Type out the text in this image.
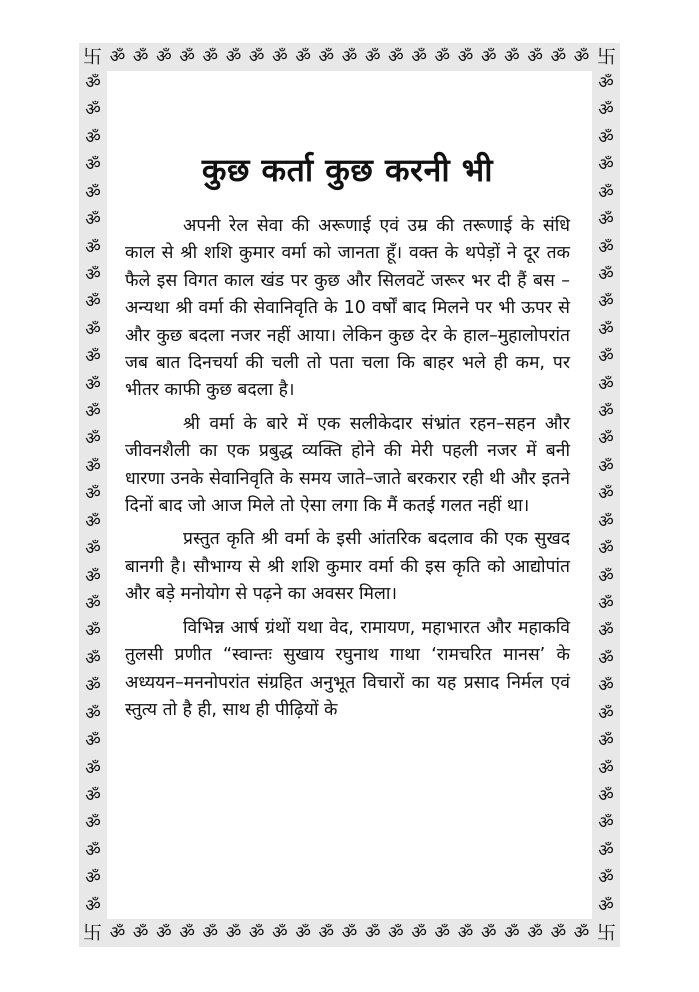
卐 ॐ ॐ ॐ ॐ ॐ ॐ ॐ ॐ ॐ ॐ ॐ ॐ ॐ ॐ ॐ ॐ ॐ ॐ ॐ ॐ ॐ 卐
ॐ
ॐ
ॐ
ॐ
ॐ
ॐ
ॐ
ॐ
ॐ
ॐ
ॐ
ॐ
ॐ
ॐ
ॐ
ॐ
ॐ
ॐ
ॐ
ॐ
ॐ
ॐ
ॐ
ॐ
ॐ
ॐ
ॐ
ॐ
ॐ
ॐ
ॐ
ॐ
ॐ
ॐ
ॐ
ॐ
ॐ
ॐ
ॐ
ॐ
ॐ
ॐ
ॐ
ॐ
ॐ
ॐ
ॐ
ॐ
ॐ
ॐ
ॐ
ॐ
ॐ
ॐ
ॐ
ॐ
ॐ
ॐ
ॐ
ॐ
ॐ
ॐ
卐 ॐ ॐ ॐ ॐ ॐ ॐ ॐ ॐ ॐ ॐ ॐ ॐ ॐ ॐ ॐ ॐ ॐ ॐ ॐ ॐ ॐ 卐
कुछ कर्ता कुछ करनी भी

अपनी रेल सेवा की अरूणाई एवं उम्र की तरूणाई के संधि काल से श्री शशि कुमार वर्मा को जानता हूँ। वक्त के थपेड़ों ने दूर तक फैले इस विगत काल खंड पर कुछ और सिलवटें जरूर भर दी हैं बस – अन्यथा श्री वर्मा की सेवानिवृति के 10 वर्षों बाद मिलने पर भी ऊपर से और कुछ बदला नजर नहीं आया। लेकिन कुछ देर के हाल–मुहालोपरांत जब बात दिनचर्या की चली तो पता चला कि बाहर भले ही कम, पर भीतर काफी कुछ बदला है।

श्री वर्मा के बारे में एक सलीकेदार संभ्रांत रहन–सहन और जीवनशैली का एक प्रबुद्ध व्यक्ति होने की मेरी पहली नजर में बनी धारणा उनके सेवानिवृति के समय जाते–जाते बरकरार रही थी और इतने दिनों बाद जो आज मिले तो ऐसा लगा कि मैं कतई गलत नहीं था।

प्रस्तुत कृति श्री वर्मा के इसी आंतरिक बदलाव की एक सुखद बानगी है। सौभाग्य से श्री शशि कुमार वर्मा की इस कृति को आद्योपांत और बड़े मनोयोग से पढ़ने का अवसर मिला।

विभिन्न आर्ष ग्रंथों यथा वेद, रामायण, महाभारत और महाकवि तुलसी प्रणीत “स्वान्तः सुखाय रघुनाथ गाथा ‘रामचरित मानस’ के अध्ययन–मननोपरांत संग्रहित अनुभूत विचारों का यह प्रसाद निर्मल एवं स्तुत्य तो है ही, साथ ही पीढ़ियों के
